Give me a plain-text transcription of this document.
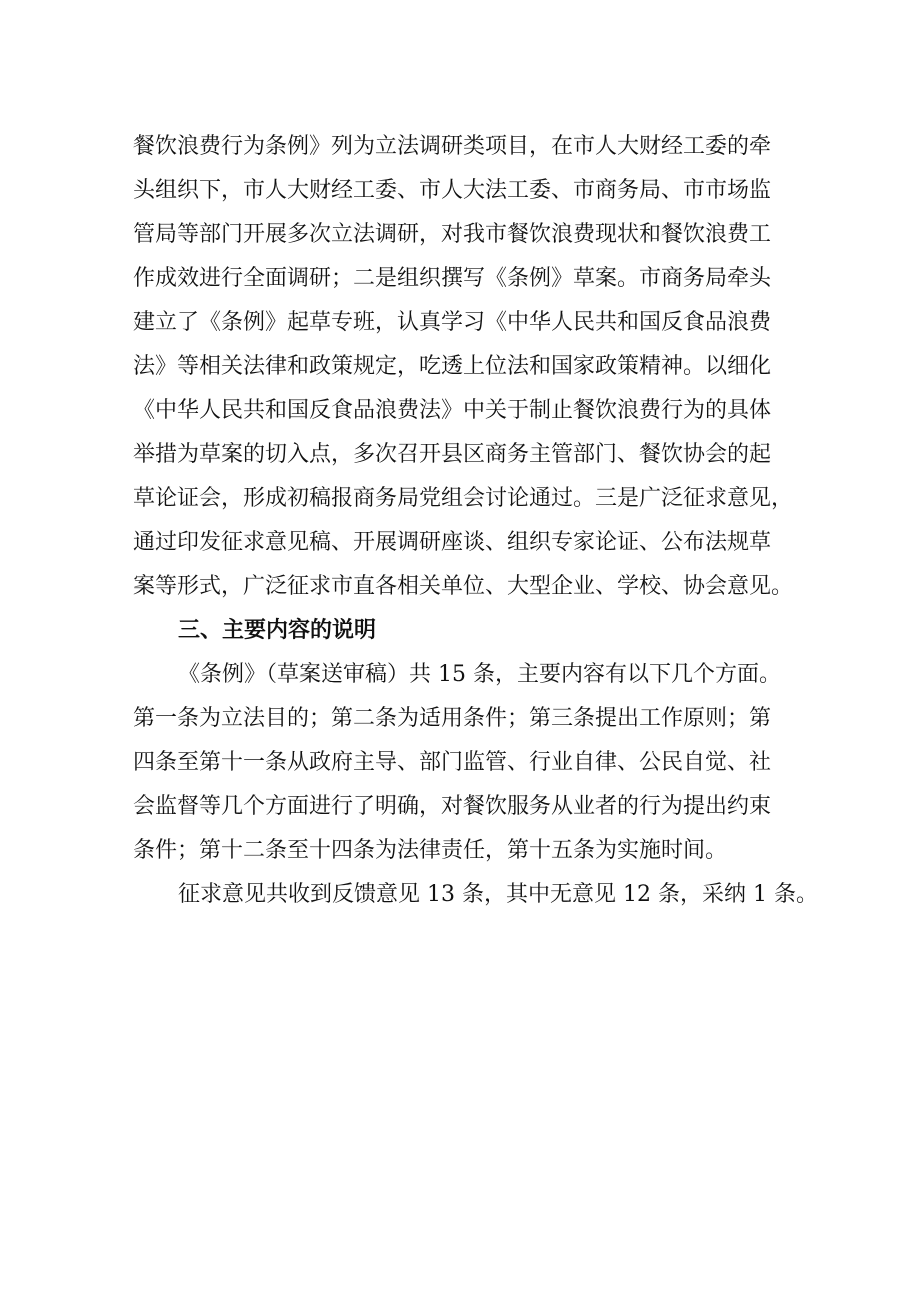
餐饮浪费行为条例》列为立法调研类项目，在市人大财经工委的牵
头组织下，市人大财经工委、市人大法工委、市商务局、市市场监
管局等部门开展多次立法调研，对我市餐饮浪费现状和餐饮浪费工
作成效进行全面调研；二是组织撰写《条例》草案。市商务局牵头
建立了《条例》起草专班，认真学习《中华人民共和国反食品浪费
法》等相关法律和政策规定，吃透上位法和国家政策精神。以细化
《中华人民共和国反食品浪费法》中关于制止餐饮浪费行为的具体
举措为草案的切入点，多次召开县区商务主管部门、餐饮协会的起
草论证会，形成初稿报商务局党组会讨论通过。三是广泛征求意见，
通过印发征求意见稿、开展调研座谈、组织专家论证、公布法规草
案等形式，广泛征求市直各相关单位、大型企业、学校、协会意见。
三、主要内容的说明
《条例》（草案送审稿）共 15 条，主要内容有以下几个方面。
第一条为立法目的；第二条为适用条件；第三条提出工作原则；第
四条至第十一条从政府主导、部门监管、行业自律、公民自觉、社
会监督等几个方面进行了明确，对餐饮服务从业者的行为提出约束
条件；第十二条至十四条为法律责任，第十五条为实施时间。
征求意见共收到反馈意见 13 条，其中无意见 12 条，采纳 1 条。
